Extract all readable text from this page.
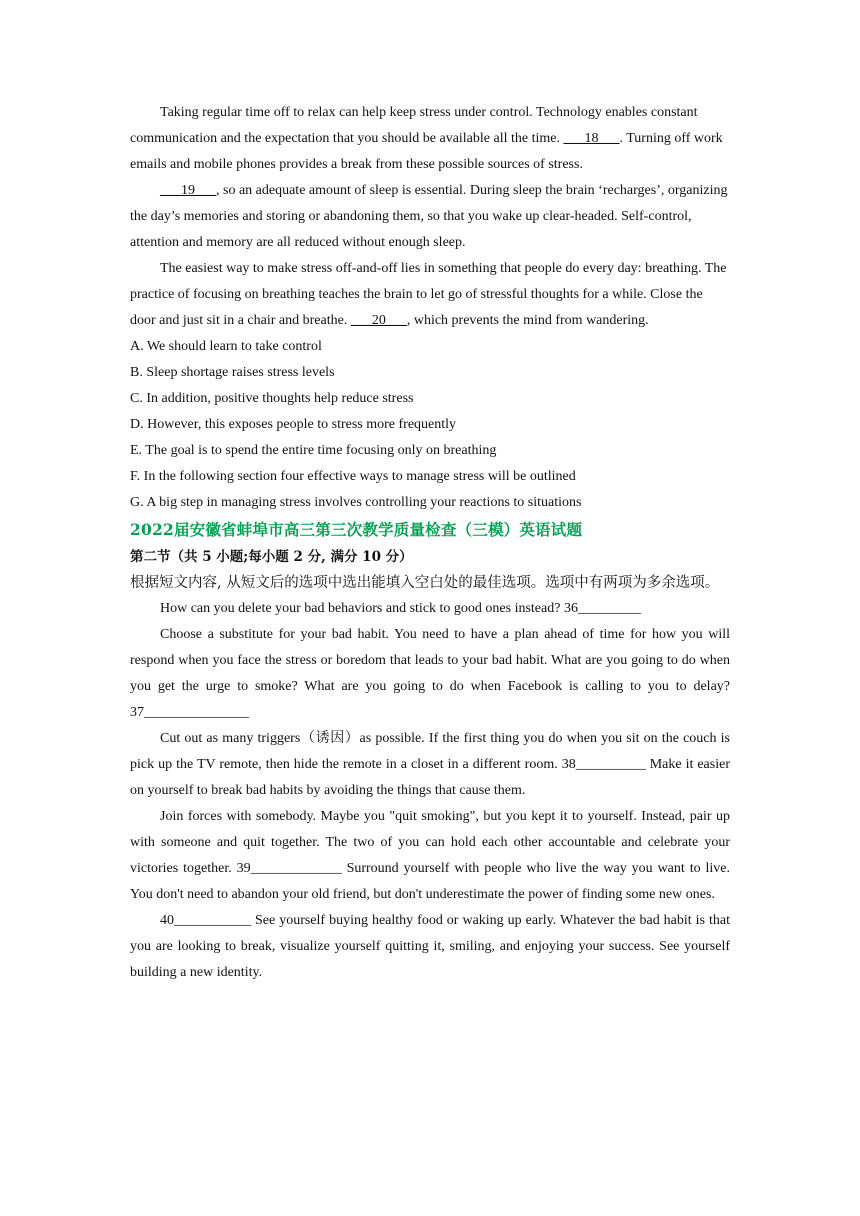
Taking regular time off to relax can help keep stress under control. Technology enables constant communication and the expectation that you should be available all the time. ___18___. Turning off work emails and mobile phones provides a break from these possible sources of stress.

___19___, so an adequate amount of sleep is essential. During sleep the brain ‘recharges’, organizing the day’s memories and storing or abandoning them, so that you wake up clear-headed. Self-control, attention and memory are all reduced without enough sleep.

The easiest way to make stress off-and-off lies in something that people do every day: breathing. The practice of focusing on breathing teaches the brain to let go of stressful thoughts for a while. Close the door and just sit in a chair and breathe. ___20___, which prevents the mind from wandering.

A. We should learn to take control

B. Sleep shortage raises stress levels

C. In addition, positive thoughts help reduce stress

D. However, this exposes people to stress more frequently

E. The goal is to spend the entire time focusing only on breathing

F. In the following section four effective ways to manage stress will be outlined

G. A big step in managing stress involves controlling your reactions to situations

2022届安徽省蚌埠市高三第三次教学质量检查（三模）英语试题

第二节（共 5 小题;每小题 2 分, 满分 10 分）

根据短文内容, 从短文后的选项中选出能填入空白处的最佳选项。选项中有两项为多余选项。

How can you delete your bad behaviors and stick to good ones instead? 36_________

Choose a substitute for your bad habit. You need to have a plan ahead of time for how you will respond when you face the stress or boredom that leads to your bad habit. What are you going to do when you get the urge to smoke? What are you going to do when Facebook is calling to you to delay? 37_______________

Cut out as many triggers（诱因）as possible. If the first thing you do when you sit on the couch is pick up the TV remote, then hide the remote in a closet in a different room. 38__________ Make it easier on yourself to break bad habits by avoiding the things that cause them.

Join forces with somebody. Maybe you "quit smoking", but you kept it to yourself. Instead, pair up with someone and quit together. The two of you can hold each other accountable and celebrate your victories together. 39_____________ Surround yourself with people who live the way you want to live. You don't need to abandon your old friend, but don't underestimate the power of finding some new ones.

40___________ See yourself buying healthy food or waking up early. Whatever the bad habit is that you are looking to break, visualize yourself quitting it, smiling, and enjoying your success. See yourself building a new identity.
